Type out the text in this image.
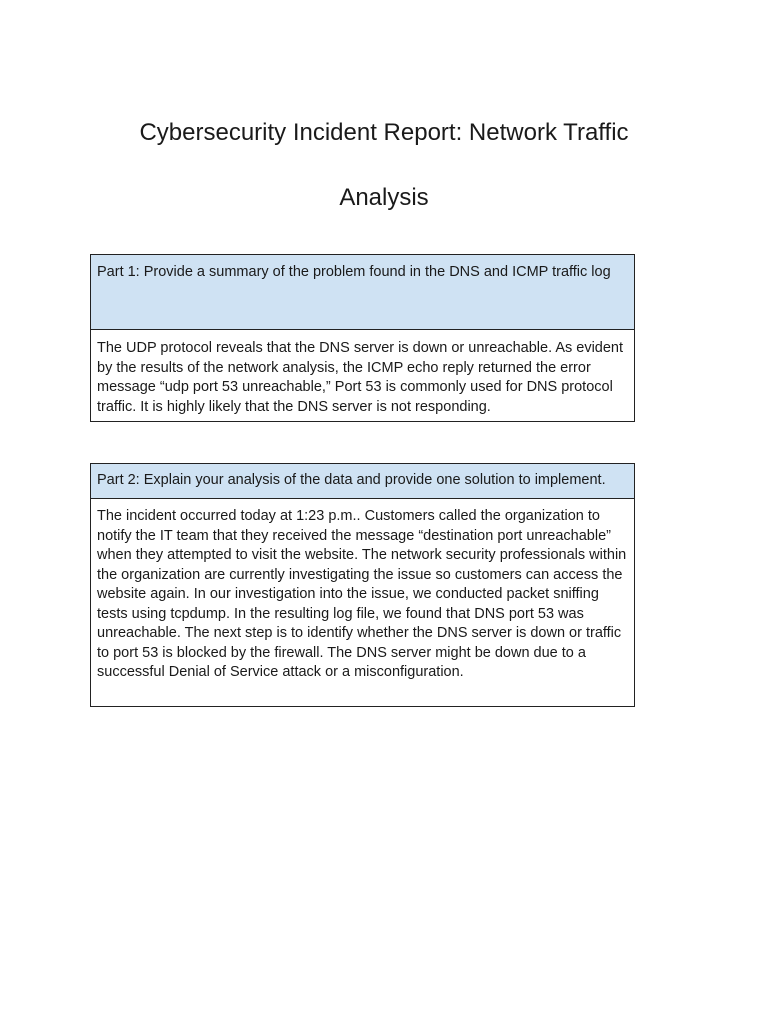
Cybersecurity Incident Report: Network Traffic
Analysis
Part 1: Provide a summary of the problem found in the DNS and ICMP traffic log
The UDP protocol reveals that the DNS server is down or unreachable. As evident by the results of the network analysis, the ICMP echo reply returned the error message “udp port 53 unreachable,” Port 53 is commonly used for DNS protocol traffic. It is highly likely that the DNS server is not responding.
Part 2: Explain your analysis of the data and provide one solution to implement.
The incident occurred today at 1:23 p.m.. Customers called the organization to notify the IT team that they received the message “destination port unreachable” when they attempted to visit the website. The network security professionals within the organization are currently investigating the issue so customers can access the website again. In our investigation into the issue, we conducted packet sniffing tests using tcpdump. In the resulting log file, we found that DNS port 53 was unreachable. The next step is to identify whether the DNS server is down or traffic to port 53 is blocked by the firewall. The DNS server might be down due to a successful Denial of Service attack or a misconfiguration.
